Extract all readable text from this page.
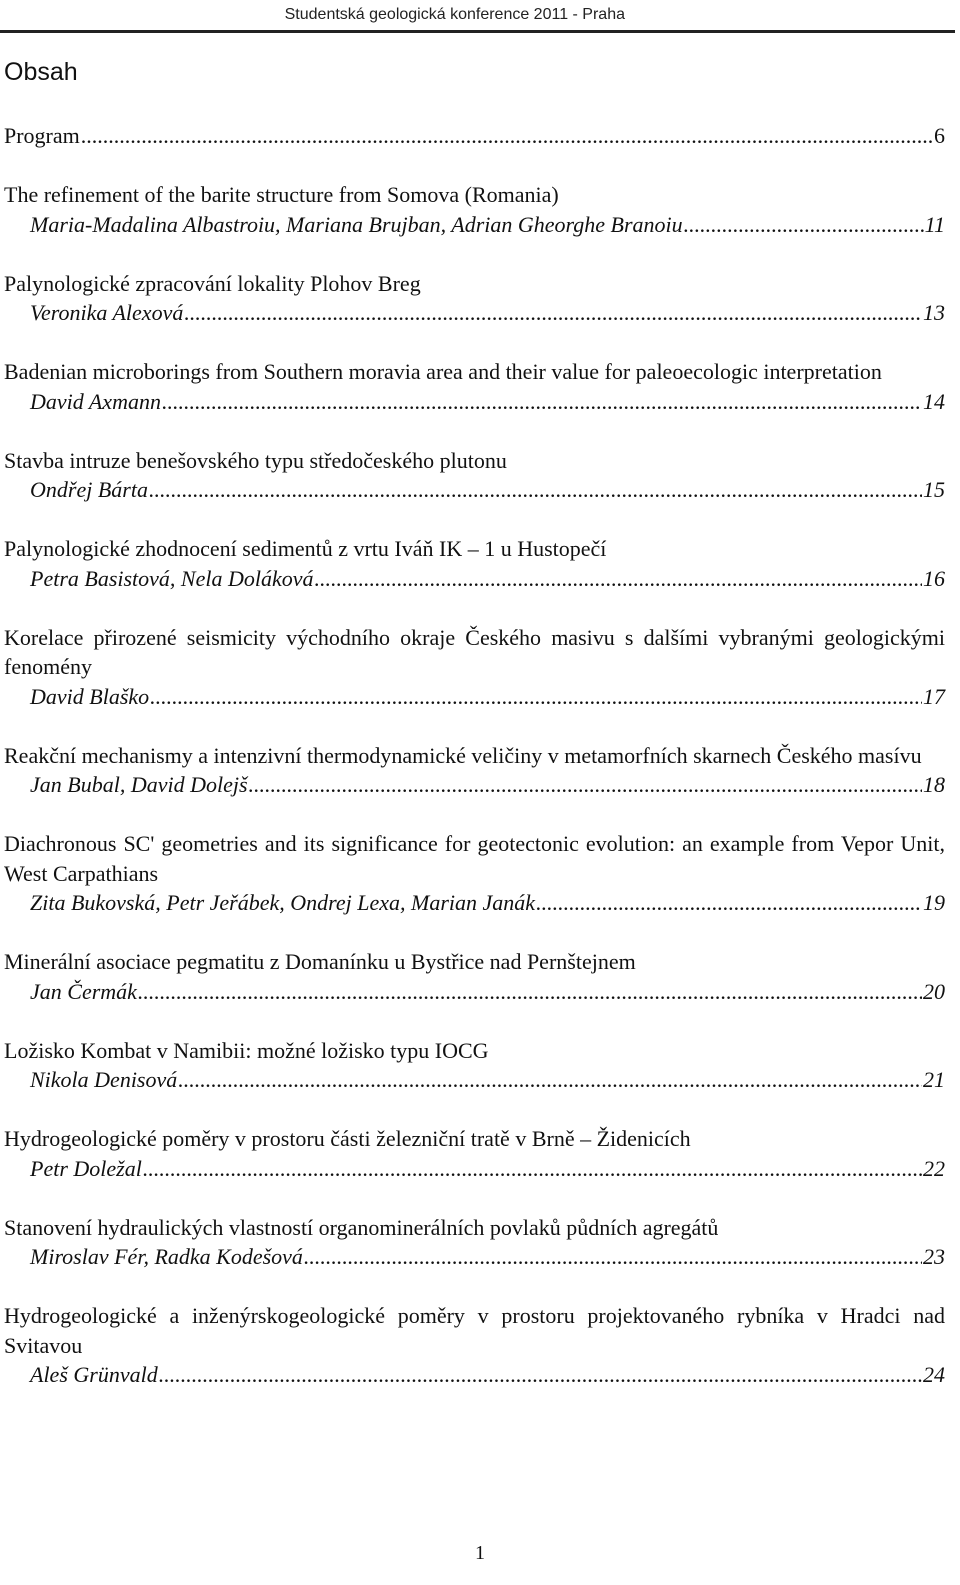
Studentská geologická konference 2011 - Praha
Obsah
Program .....	6
The refinement of the barite structure from Somova (Romania)
Maria-Madalina Albastroiu, Mariana Brujban, Adrian Gheorghe Branoiu .....	11
Palynologické zpracování lokality Plohov Breg
Veronika Alexová .....	13
Badenian microborings from Southern moravia area and their value for paleoecologic interpretation
David Axmann .....	14
Stavba intruze benešovského typu středočeského plutonu
Ondřej Bárta .....	15
Palynologické zhodnocení sedimentů z vrtu Iváň IK – 1 u Hustopečí
Petra Basistová, Nela Doláková .....	16
Korelace přirozené seismicity východního okraje Českého masivu s dalšími vybranými geologickými fenomény
David Blaško .....	17
Reakční mechanismy a intenzivní thermodynamické veličiny v metamorfních skarnech Českého masívu
Jan Bubal, David Dolejš .....	18
Diachronous SC' geometries and its significance for geotectonic evolution: an example from Vepor Unit, West Carpathians
Zita Bukovská, Petr Jeřábek, Ondrej Lexa, Marian Janák .....	19
Minerální asociace pegmatitu z Domanínku u Bystřice nad Pernštejnem
Jan Čermák .....	20
Ložisko Kombat v Namibii: možné ložisko typu IOCG
Nikola Denisová .....	21
Hydrogeologické poměry v prostoru části železniční tratě v Brně – Židenicích
Petr Doležal .....	22
Stanovení hydraulických vlastností organominerálních povlaků půdních agregátů
Miroslav Fér, Radka Kodešová .....	23
Hydrogeologické a inženýrskogeologické poměry v prostoru projektovaného rybníka v Hradci nad Svitavou
Aleš Grünvald .....	24
1
